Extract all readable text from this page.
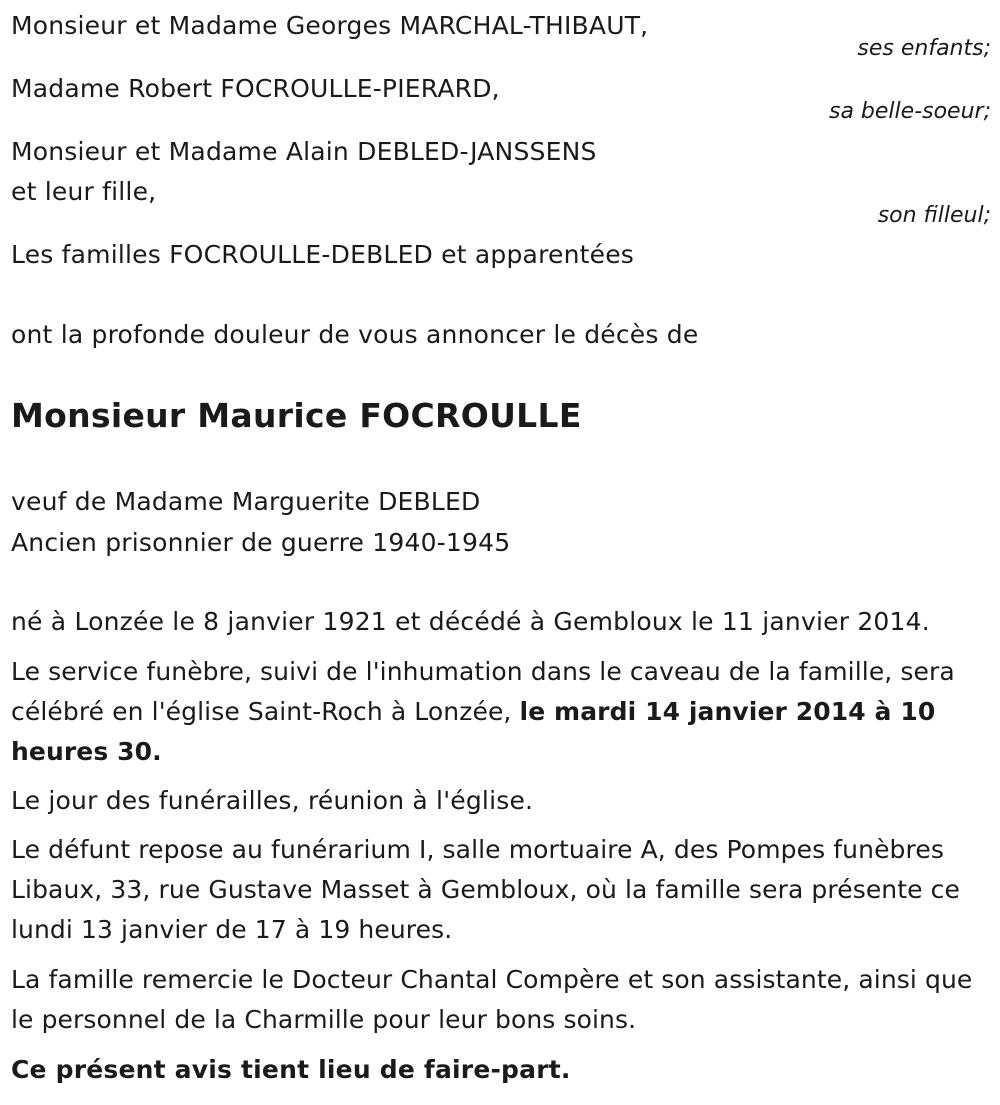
Monsieur et Madame Georges MARCHAL-THIBAUT,
ses enfants;
Madame Robert FOCROULLE-PIERARD,
sa belle-soeur;
Monsieur et Madame Alain DEBLED-JANSSENS
et leur fille,
son filleul;
Les familles FOCROULLE-DEBLED et apparentées
ont la profonde douleur de vous annoncer le décès de
Monsieur Maurice FOCROULLE
veuf de Madame Marguerite DEBLED
Ancien prisonnier de guerre 1940-1945
né à Lonzée le 8 janvier 1921 et décédé à Gembloux le 11 janvier 2014.
Le service funèbre, suivi de l'inhumation dans le caveau de la famille, sera célébré en l'église Saint-Roch à Lonzée, le mardi 14 janvier 2014 à 10 heures 30.
Le jour des funérailles, réunion à l'église.
Le défunt repose au funérarium I, salle mortuaire A, des Pompes funèbres Libaux, 33, rue Gustave Masset à Gembloux, où la famille sera présente ce lundi 13 janvier de 17 à 19 heures.
La famille remercie le Docteur Chantal Compère et son assistante, ainsi que le personnel de la Charmille pour leur bons soins.
Ce présent avis tient lieu de faire-part.
